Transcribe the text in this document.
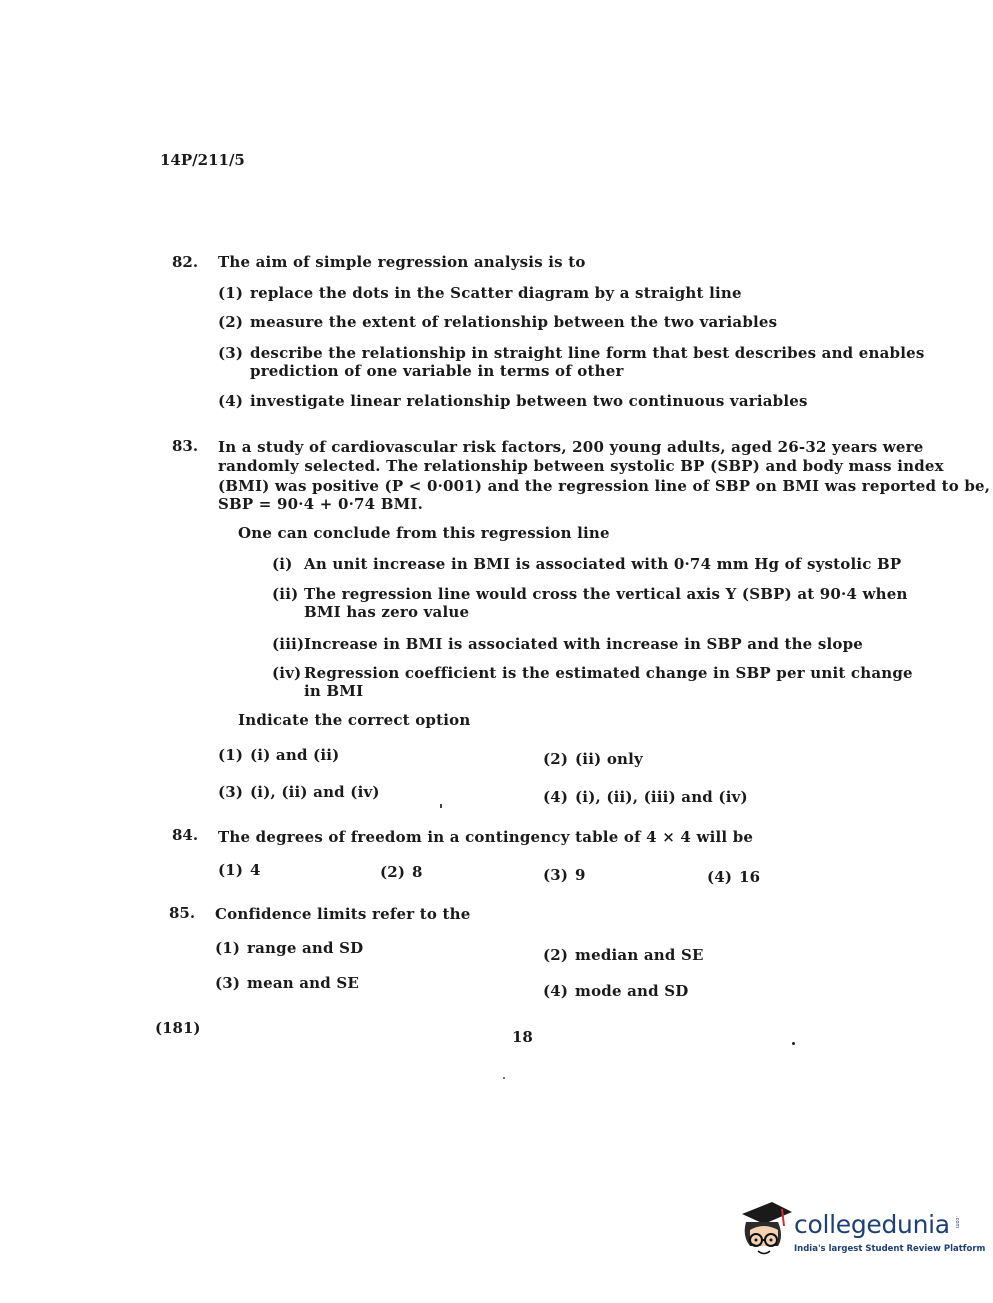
14P/211/5
82. The aim of simple regression analysis is to
(1) replace the dots in the Scatter diagram by a straight line
(2) measure the extent of relationship between the two variables
(3) describe the relationship in straight line form that best describes and enables
prediction of one variable in terms of other
(4) investigate linear relationship between two continuous variables
83. In a study of cardiovascular risk factors, 200 young adults, aged 26-32 years were
randomly selected. The relationship between systolic BP (SBP) and body mass index
(BMI) was positive (P < 0·001) and the regression line of SBP on BMI was reported to be,
SBP = 90·4 + 0·74 BMI.
One can conclude from this regression line
(i) An unit increase in BMI is associated with 0·74 mm Hg of systolic BP
(ii) The regression line would cross the vertical axis Y (SBP) at 90·4 when
BMI has zero value
(iii)Increase in BMI is associated with increase in SBP and the slope
(iv) Regression coefficient is the estimated change in SBP per unit change
in BMI
Indicate the correct option
(1) (i) and (ii)	(2) (ii) only
(3) (i), (ii) and (iv)	(4) (i), (ii), (iii) and (iv)
84. The degrees of freedom in a contingency table of 4 × 4 will be
(1) 4	(2) 8	(3) 9	(4) 16
85. Confidence limits refer to the
(1) range and SD	(2) median and SE
(3) mean and SE	(4) mode and SD
(181)	18
collegedunia .com
India's largest Student Review Platform
